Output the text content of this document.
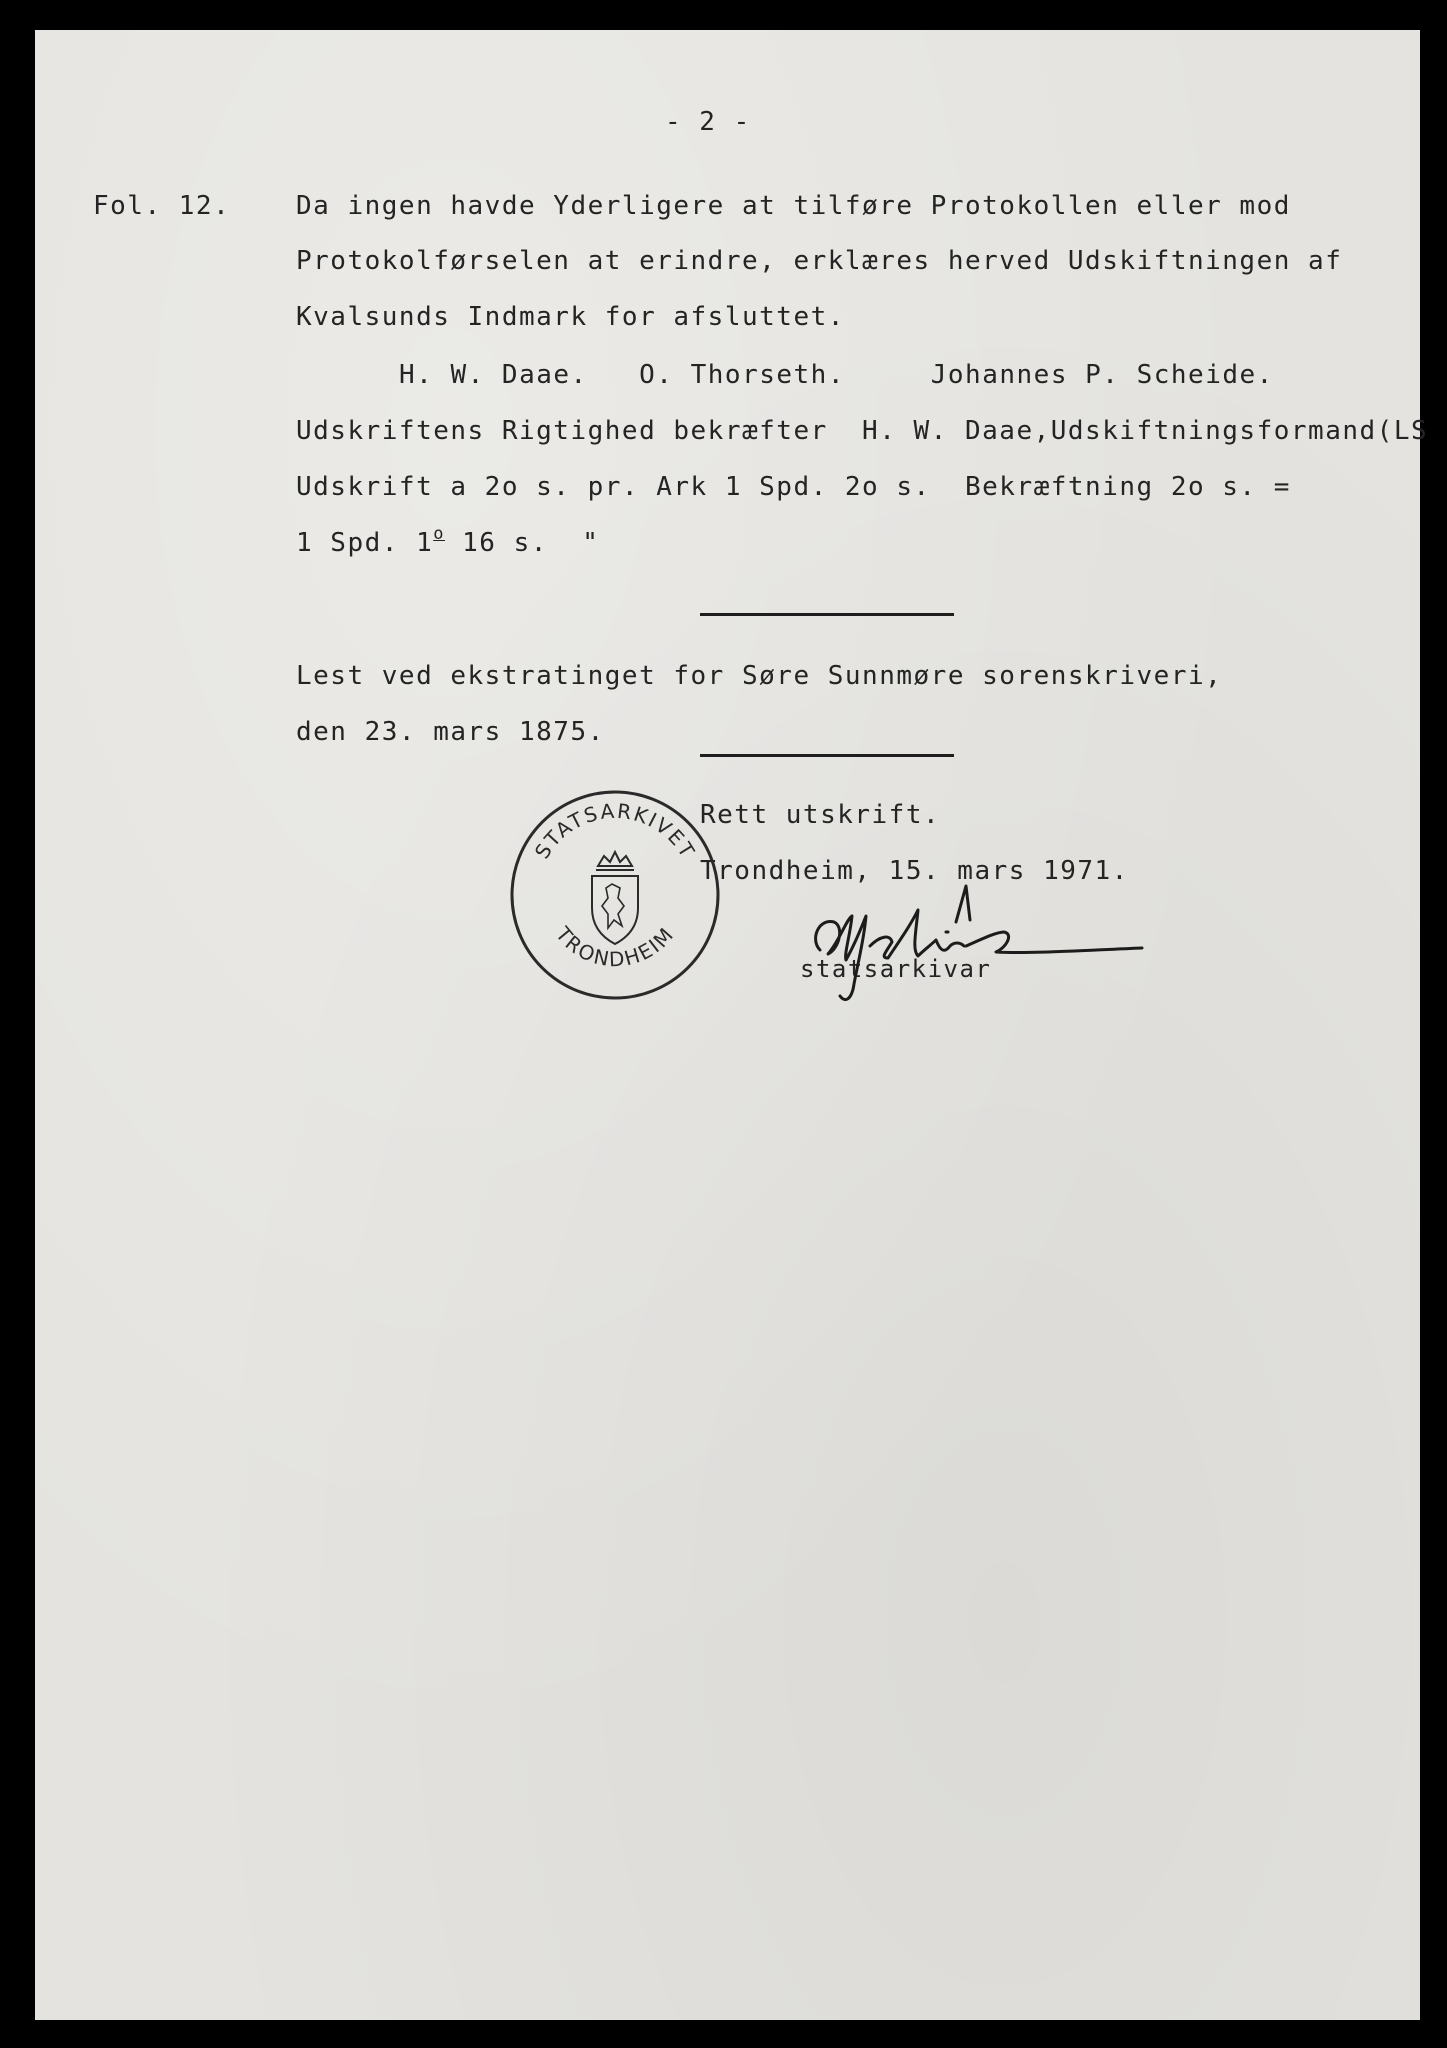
- 2 -
Fol. 12.	Da ingen havde Yderligere at tilføre Protokollen eller mod
Protokolførselen at erindre, erklæres herved Udskiftningen af
Kvalsunds Indmark for afsluttet.
H. W. Daae.   O. Thorseth.     Johannes P. Scheide.
Udskriftens Rigtighed bekræfter  H. W. Daae,Udskiftningsformand(LS
Udskrift a 2o s. pr. Ark 1 Spd. 2o s.  Bekræftning 2o s. =
1 Spd. 1$^o$ 16 s.  "
Lest ved ekstratinget for Søre Sunnmøre sorenskriveri,
den 23. mars 1875.
Rett utskrift.
Trondheim, 15. mars 1971.
statsarkivar
STATSARKIVET
TRONDHEIM
